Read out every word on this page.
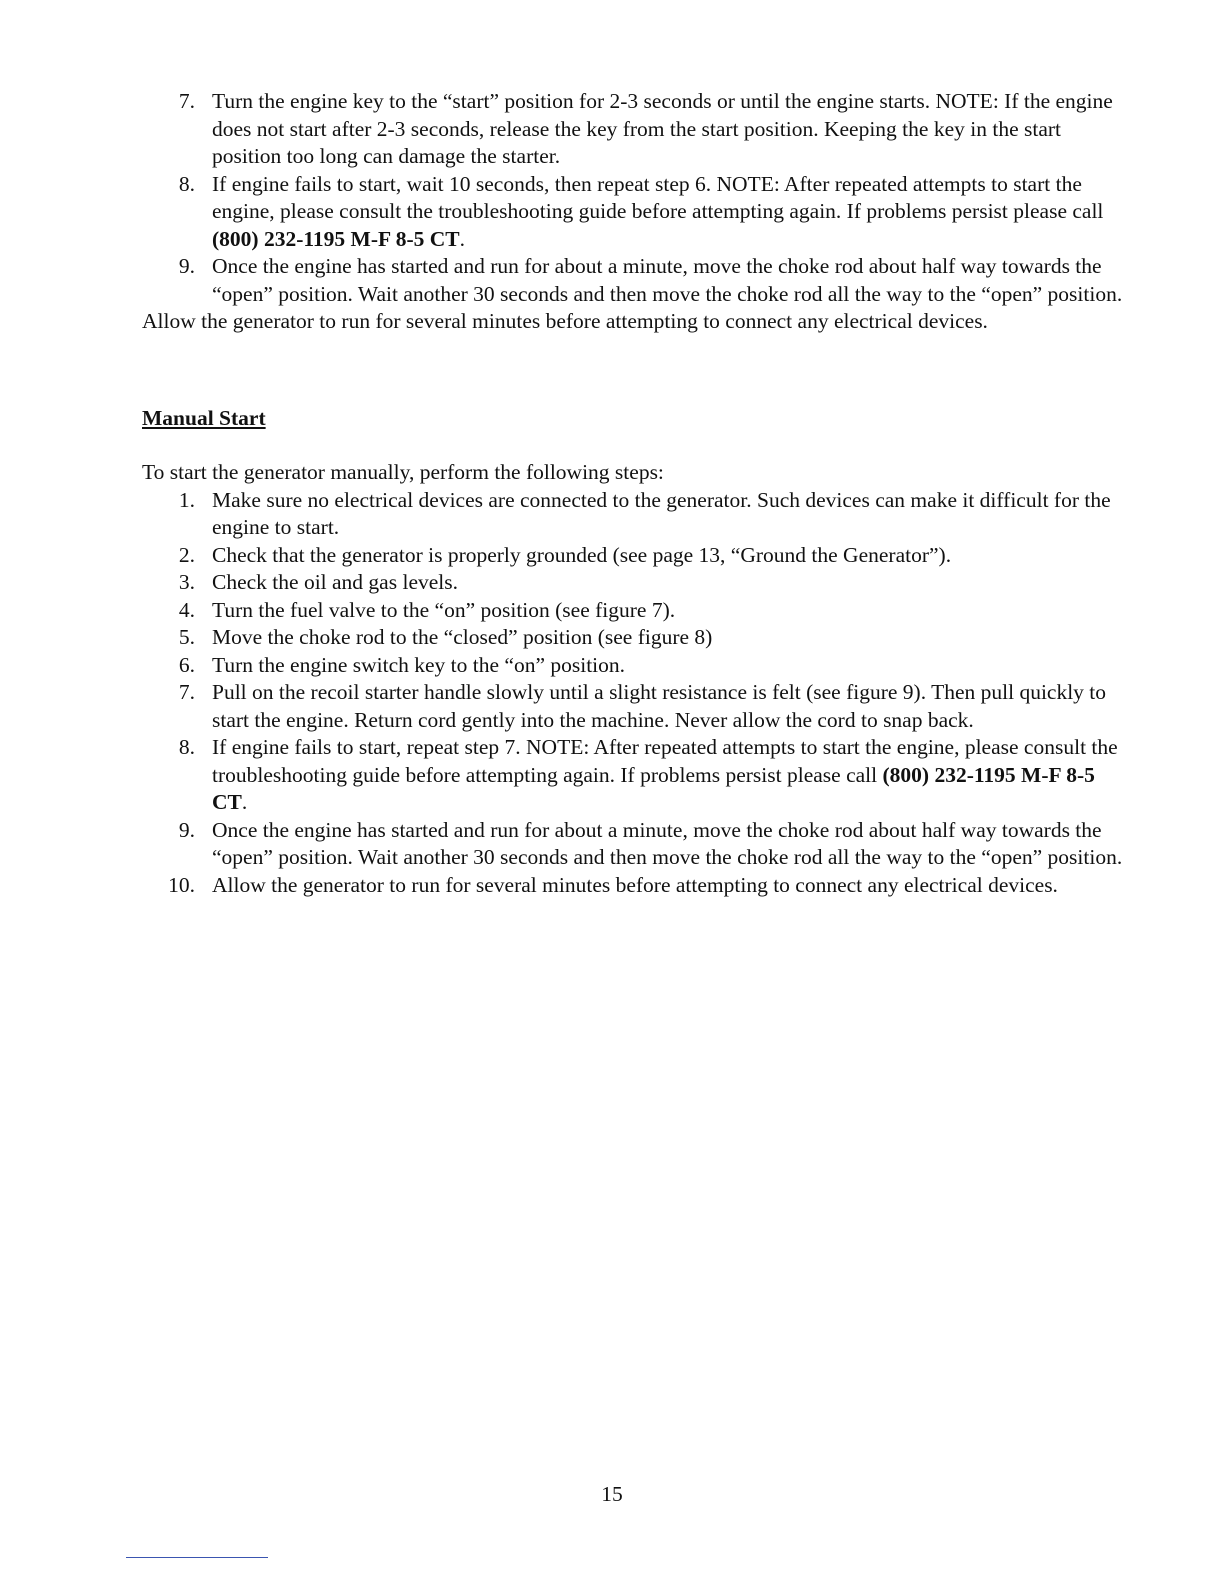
7. Turn the engine key to the “start” position for 2-3 seconds or until the engine starts. NOTE: If the engine does not start after 2-3 seconds, release the key from the start position. Keeping the key in the start position too long can damage the starter.
8. If engine fails to start, wait 10 seconds, then repeat step 6. NOTE: After repeated attempts to start the engine, please consult the troubleshooting guide before attempting again. If problems persist please call (800) 232-1195 M-F 8-5 CT.
9. Once the engine has started and run for about a minute, move the choke rod about half way towards the “open” position. Wait another 30 seconds and then move the choke rod all the way to the “open” position.

Allow the generator to run for several minutes before attempting to connect any electrical devices.

Manual Start

To start the generator manually, perform the following steps:

1. Make sure no electrical devices are connected to the generator. Such devices can make it difficult for the engine to start.
2. Check that the generator is properly grounded (see page 13, “Ground the Generator”).
3. Check the oil and gas levels.
4. Turn the fuel valve to the “on” position (see figure 7).
5. Move the choke rod to the “closed” position (see figure 8)
6. Turn the engine switch key to the “on” position.
7. Pull on the recoil starter handle slowly until a slight resistance is felt (see figure 9). Then pull quickly to start the engine. Return cord gently into the machine. Never allow the cord to snap back.
8. If engine fails to start, repeat step 7. NOTE: After repeated attempts to start the engine, please consult the troubleshooting guide before attempting again. If problems persist please call (800) 232-1195 M-F 8-5 CT.
9. Once the engine has started and run for about a minute, move the choke rod about half way towards the “open” position. Wait another 30 seconds and then move the choke rod all the way to the “open” position.
10. Allow the generator to run for several minutes before attempting to connect any electrical devices.
15
